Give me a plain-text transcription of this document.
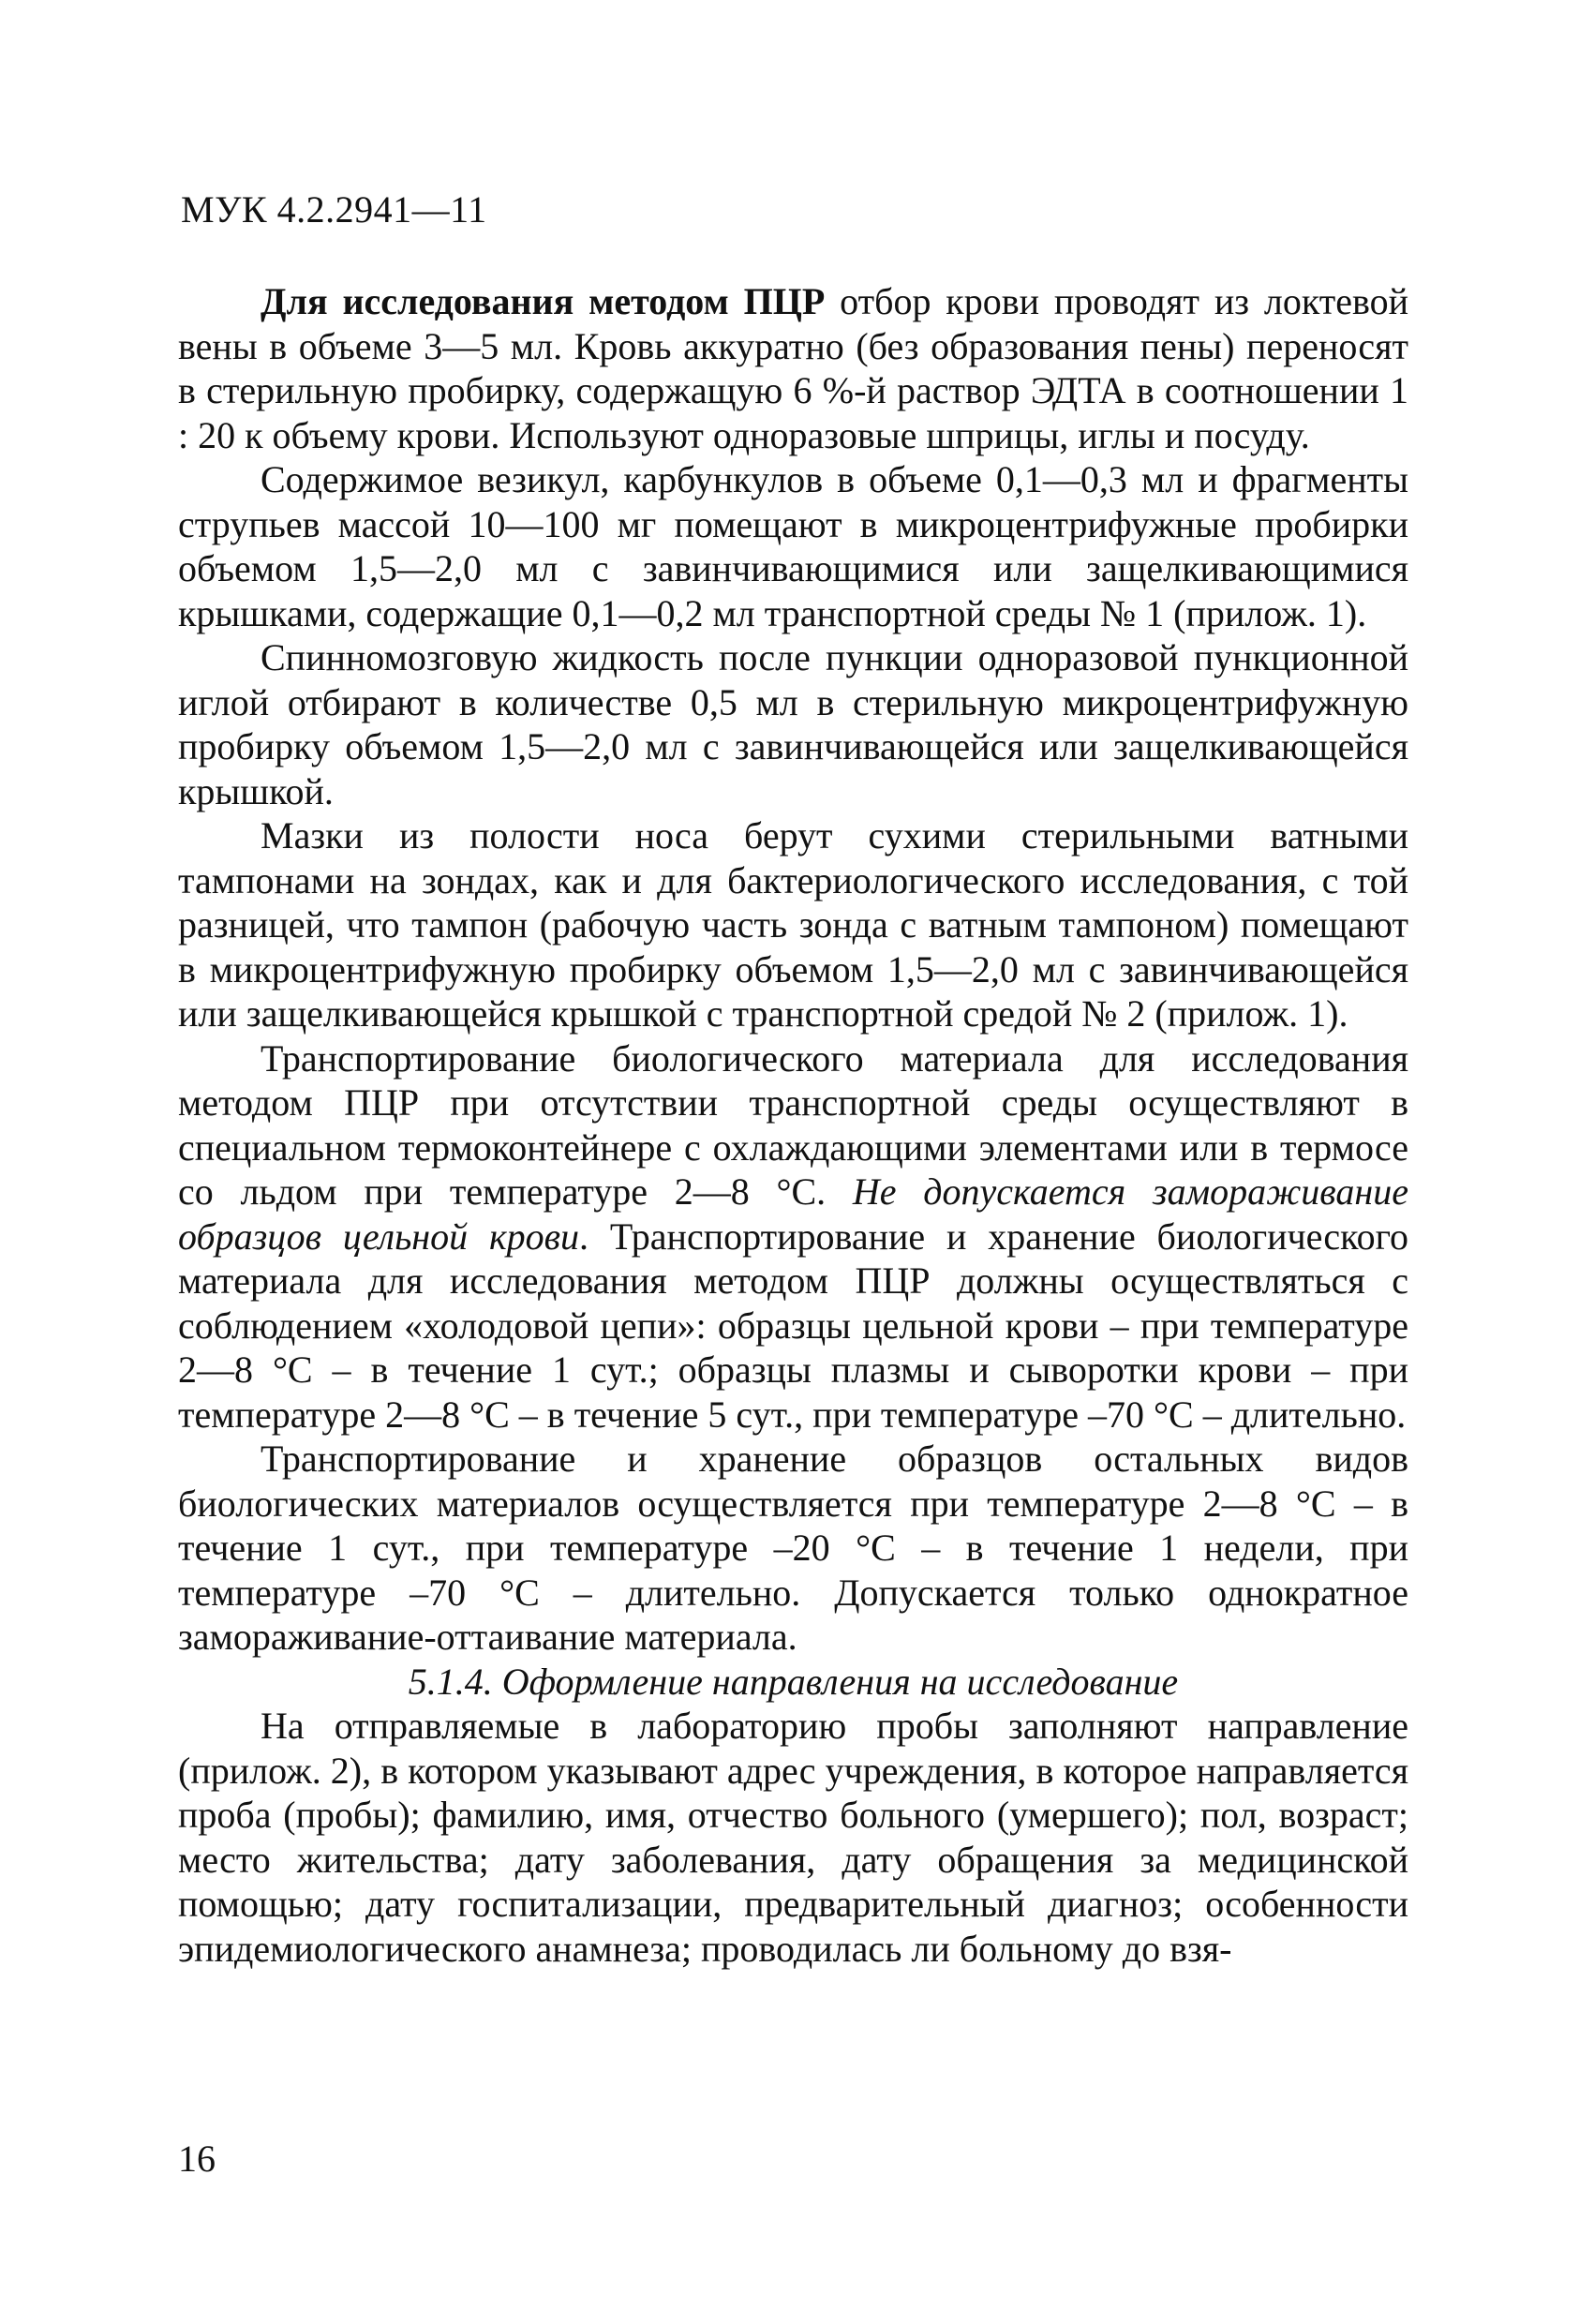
МУК 4.2.2941—11

Для исследования методом ПЦР отбор крови проводят из локтевой вены в объеме 3—5 мл. Кровь аккуратно (без образования пены) переносят в стерильную пробирку, содержащую 6 %-й раствор ЭДТА в соотношении 1 : 20 к объему крови. Используют одноразовые шприцы, иглы и посуду.

Содержимое везикул, карбункулов в объеме 0,1—0,3 мл и фрагменты струпьев массой 10—100 мг помещают в микроцентрифужные пробирки объемом 1,5—2,0 мл с завинчивающимися или защелкивающимися крышками, содержащие 0,1—0,2 мл транспортной среды № 1 (прилож. 1).

Спинномозговую жидкость после пункции одноразовой пункционной иглой отбирают в количестве 0,5 мл в стерильную микроцентрифужную пробирку объемом 1,5—2,0 мл с завинчивающейся или защелкивающейся крышкой.

Мазки из полости носа берут сухими стерильными ватными тампонами на зондах, как и для бактериологического исследования, с той разницей, что тампон (рабочую часть зонда с ватным тампоном) помещают в микроцентрифужную пробирку объемом 1,5—2,0 мл с завинчивающейся или защелкивающейся крышкой с транспортной средой № 2 (прилож. 1).

Транспортирование биологического материала для исследования методом ПЦР при отсутствии транспортной среды осуществляют в специальном термоконтейнере с охлаждающими элементами или в термосе со льдом при температуре 2—8 °С. Не допускается замораживание образцов цельной крови. Транспортирование и хранение биологического материала для исследования методом ПЦР должны осуществляться с соблюдением «холодовой цепи»: образцы цельной крови – при температуре 2—8 °С – в течение 1 сут.; образцы плазмы и сыворотки крови – при температуре 2—8 °С – в течение 5 сут., при температуре –70 °С – длительно.

Транспортирование и хранение образцов остальных видов биологических материалов осуществляется при температуре 2—8 °С – в течение 1 сут., при температуре –20 °С – в течение 1 недели, при температуре –70 °С – длительно. Допускается только однократное замораживание-оттаивание материала.

5.1.4. Оформление направления на исследование

На отправляемые в лабораторию пробы заполняют направление (прилож. 2), в котором указывают адрес учреждения, в которое направляется проба (пробы); фамилию, имя, отчество больного (умершего); пол, возраст; место жительства; дату заболевания, дату обращения за медицинской помощью; дату госпитализации, предварительный диагноз; особенности эпидемиологического анамнеза; проводилась ли больному до взя-

16
